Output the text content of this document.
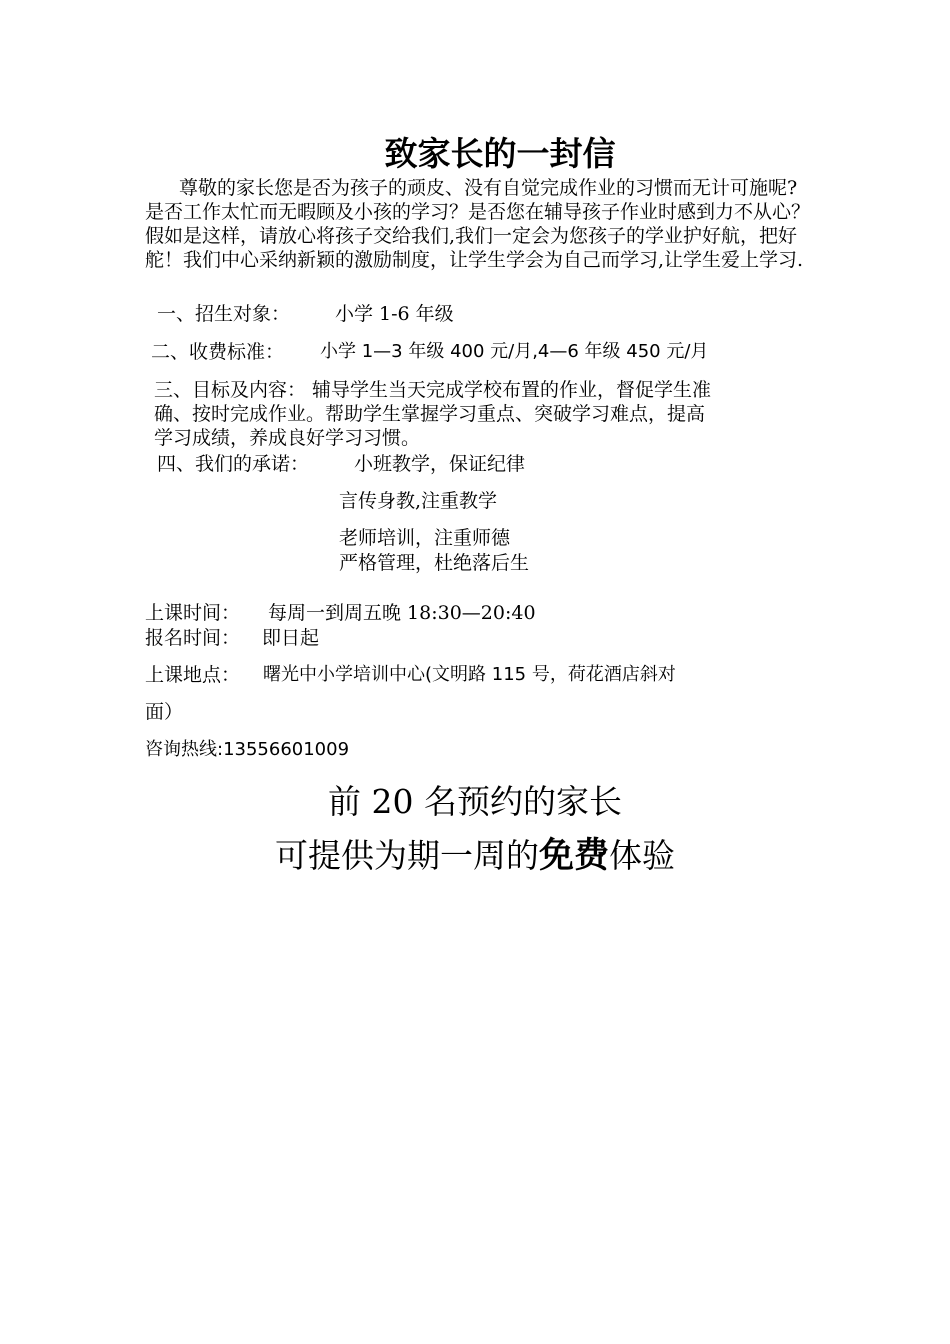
致家长的一封信
尊敬的家长您是否为孩子的顽皮、没有自觉完成作业的习惯而无计可施呢?是否工作太忙而无暇顾及小孩的学习？是否您在辅导孩子作业时感到力不从心？假如是这样，请放心将孩子交给我们,我们一定会为您孩子的学业护好航，把好舵！我们中心采纳新颖的激励制度，让学生学会为自己而学习,让学生爱上学习.
一、招生对象： 小学 1-6 年级
二、收费标准： 小学 1—3 年级 400 元/月,4—6 年级 450 元/月
三、目标及内容： 辅导学生当天完成学校布置的作业，督促学生准
确、按时完成作业。帮助学生掌握学习重点、突破学习难点，提高
学习成绩，养成良好学习习惯。
四、我们的承诺： 小班教学，保证纪律
言传身教,注重教学
老师培训，注重师德
严格管理，杜绝落后生
上课时间： 每周一到周五晚 18:30—20:40
报名时间： 即日起
上课地点： 曙光中小学培训中心(文明路 115 号，荷花酒店斜对
面）
咨询热线:13556601009
前 20 名预约的家长
可提供为期一周的免费体验
